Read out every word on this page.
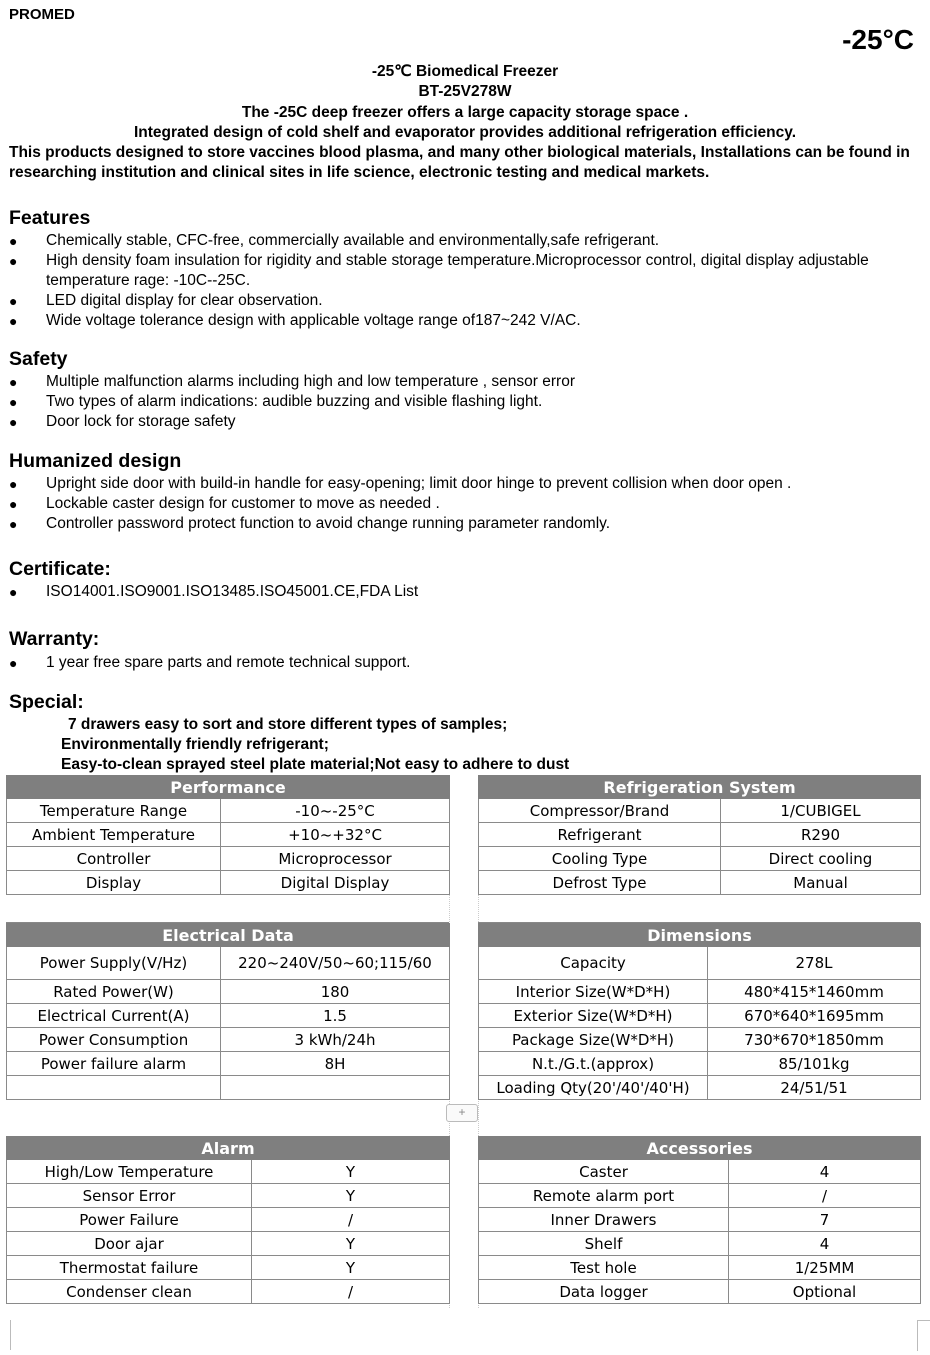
PROMED
-25°C
-25℃ Biomedical Freezer
BT-25V278W
The -25C deep freezer offers a large capacity storage space .
Integrated design of cold shelf and evaporator provides additional refrigeration efficiency.
This products designed to store vaccines blood plasma, and many other biological materials, Installations can be found in researching institution and clinical sites in life science, electronic testing and medical markets.
Features
● Chemically stable, CFC-free, commercially available and environmentally,safe refrigerant.
● High density foam insulation for rigidity and stable storage temperature.Microprocessor control, digital display adjustable temperature rage: -10C--25C.
● LED digital display for clear observation.
● Wide voltage tolerance design with applicable voltage range of187~242 V/AC.
Safety
● Multiple malfunction alarms including high and low temperature , sensor error
● Two types of alarm indications: audible buzzing and visible flashing light.
● Door lock for storage safety
Humanized design
● Upright side door with build-in handle for easy-opening; limit door hinge to prevent collision when door open .
● Lockable caster design for customer to move as needed .
● Controller password protect function to avoid change running parameter randomly.
Certificate:
● ISO14001.ISO9001.ISO13485.ISO45001.CE,FDA List
Warranty:
● 1 year free spare parts and remote technical support.
Special:
7 drawers easy to sort and store different types of samples;
Environmentally friendly refrigerant;
Easy-to-clean sprayed steel plate material;Not easy to adhere to dust
Performance	
Temperature Range	-10~-25°C
Ambient Temperature	+10~+32°C
Controller	Microprocessor
Display	Digital Display
Refrigeration System	
Compressor/Brand	1/CUBIGEL
Refrigerant	R290
Cooling Type	Direct cooling
Defrost Type	Manual
Electrical Data	
Power Supply(V/Hz)	220~240V/50~60;115/60
Rated Power(W)	180
Electrical Current(A)	1.5
Power Consumption	3 kWh/24h
Power failure alarm	8H

Dimensions	
Capacity	278L
Interior Size(W*D*H)	480*415*1460mm
Exterior Size(W*D*H)	670*640*1695mm
Package Size(W*D*H)	730*670*1850mm
N.t./G.t.(approx)	85/101kg
Loading Qty(20'/40'/40'H)	24/51/51
+
Alarm	
High/Low Temperature	Y
Sensor Error	Y
Power Failure	/
Door ajar	Y
Thermostat failure	Y
Condenser clean	/
Accessories	
Caster	4
Remote alarm port	/
Inner Drawers	7
Shelf	4
Test hole	1/25MM
Data logger	Optional
